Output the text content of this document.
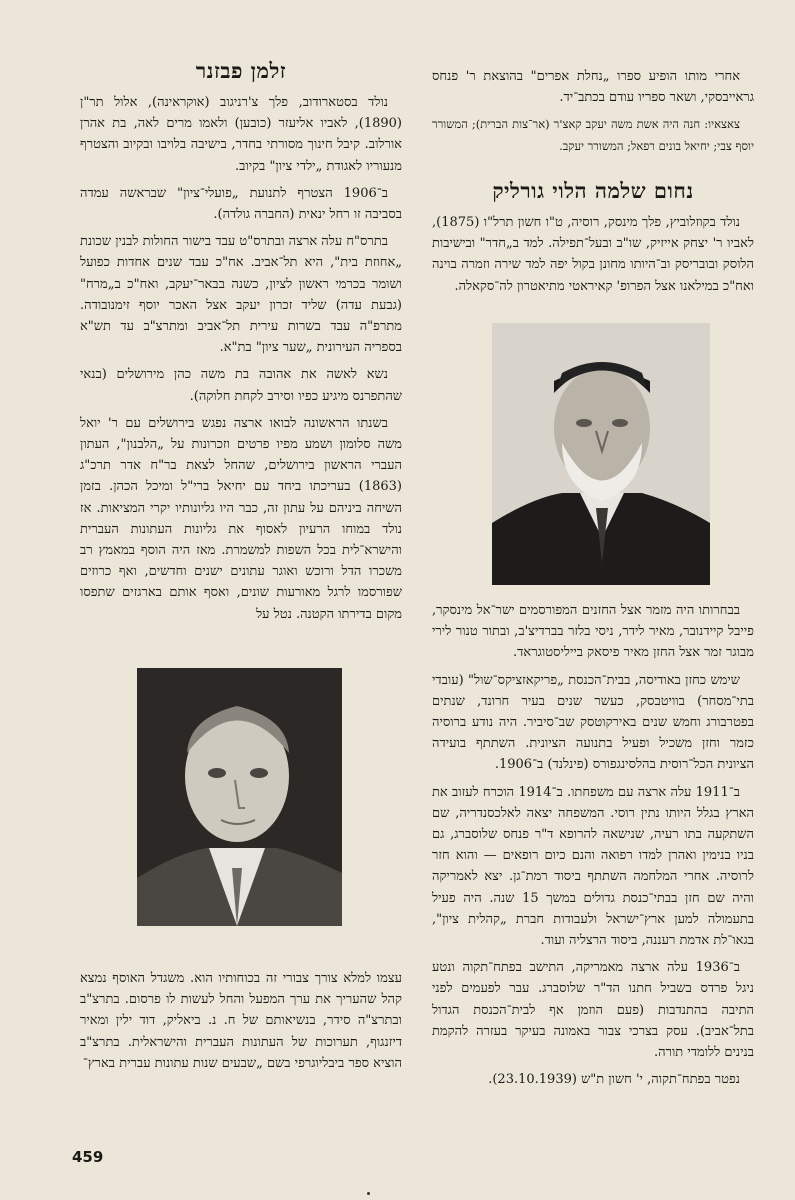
אחרי מותו הופיע ספרו „נחלת אפרים" בהוצאת ר' פנחס גראייבסקי, ושאר ספריו עודם בכתב־יד.

צאצאיו: חנה היה אשת משה יעקב קאצ'ר (אר־צות הברית); המשורר יוסף צבי; יחיאל בונים רפאל; המשורר יעקב.

נחום שלמה הלוי גורליק

נולד בקוזלוביץ, פלך מינסק, רוסיה, ט"ו חשון תרל"ו (1875), לאביו ר' יצחק אייזיק, שו"ב ובעל־תפילה. למד ב„חדר" ובישיבות הלוסק ובובריסק וב־היותו מחונן בקול יפה למד שירה וזמרה בוינה ואח"כ במילאנו אצל הפרופ' קאיראטי מתיאטרון לה־סקאלה.

בבחרותו היה מזמר אצל החזנים המפורסמים ישר־אל מינסקר, פייבל קיידנובר, מאיר לידר, ניסי בלזר בברדיצ'ב, ובתור טנור לירי מבוגר זמר אצל החזן מאיר פיסאק בייליסטוגראד.

שימש כחזן באודיסה, בבית־הכנסת „פריקאזציקס־שול" (עובדי בתי־מסחר) בוויטבסק, כעשר שנים בעיר חרונד, שנתים בפטרבורג וחמש שנים באירקוטסק שב־סיביר. היה נודע ברוסיה כזמר וחזן משכיל ופעיל בתנועה הציונית. השתתף בועידה הציונית הכל־רוסית בהלסינגפורס (פינלנד) ב־1906.

ב־1911 עלה ארצה עם משפחתו. ב־1914 הוכרח לעזוב את הארץ בגלל היותו נתין רוסי. המשפחה יצאה לאלכסנדריה, שם השתקעה בתו רעיה, שנישאה להרופא ד"ר פנחס שלוסברג, גם בניו בנימין ואהרן למדו רפואה והנם כיום רופאים — והוא חזר לרוסיה. אחרי המלחמה השתתף ביסוד רמת־גן. יצא לאמריקה והיה שם חזן בבתי־כנסת גדולים במשך 15 שנה. היה פעיל בתעמולה למען ארץ־ישראל ולעבודות חברת „קהלית ציון", בגאו־לת אדמת רעננה, ביסוד הרצליה ועוד.

ב־1936 עלה ארצה מאמריקה, התישב בפתח־תקוה ונטע ניגל פרדס בשביל חתנו הד"ר שלוסברג. עבר לפעמים לפני התיבה בהתנדבות (פעם הוזמן אף לבית־הכנסת הגדול בתל־אביב). עסק בצרכי צבור באמונה בעיקר בעזרה להקמת בנינים ללומדי תורה.

נפטר בפתח־תקוה, י' חשון ת"ש (23.10.1939).

זלמן פבזנר

נולד בסטארודוב, פלך צ'רניגוב (אוקראינה), אלול תר"ן (1890), לאביו אליעזר (כובען) ולאמו מרים לאה, בת אהרן אורלוב. קיבל חינוך מסורתי בחדר, בישיבה בלויבו ובקיוב והצטרף מנעוריו לאגודת „ילדי ציון" בקיוב.

ב־1906 הצטרף לתנועת „פועלי־ציון" שבראשה עמדה בסביבה זו רחל ינאית (החברה גולדה).

בתרס"ח עלה ארצה ובתרס"ט עבד בישור החולות לבנין שכונת „אחוזת בית", היא תל־אביב. אח"כ עבד שנים אחדות כפועל ושומר בכרמי ראשון לציון, כשנה בבאר־יעקב, ואח"כ ב„מרח" (גבעת עדה) שליד זכרון יעקב אצל האכר יוסף זימנובודה. מתרפ"ה עבד בשרות עירית תל־אביב ומתרצ"ב עד תש"א בספריה העירונית „שער ציון" בת"א.

נשא לאשה את אהובה בת משה כהן מירושלים (בנאי שהתפרנס מיגיע כפיו וסירב לקחת חלוקה).

בשנתו הראשונה לבואו ארצה נפגש בירושלים עם ר' יואל משה סלומון ושמע מפיו פרטים וזכרונות על „הלבנון", העתון העברי הראשון בירושלים, שהחל לצאת בר"ח אדר תרכ"ג (1863) בעריכתו ביחד עם יחיאל ברי"ל ומיכל הכהן. בזמן השיחה ביניהם על עתון זה, כבר היו גליונותיו יקרי המציאות. אז נולד במוחו הרעיון לאסוף את גליונות העתונות העברית והישרא־לית בכל השפות למשמרת. מאז היה הוסף במאמץ רב משכרו הדל ורוכש ואוגר עתונים ישנים וחדשים, ואף כרוזים שפורסמו לרגל מאורעות שונים, ואסף אותם בארגזים שתפסו מקום בדירתו הקטנה. נטל על

עצמו למלא צורך צבורי זה בכוחותיו הוא. משגדל האוסף נמצא קהל שהעריך את ערך המפעל והחל לעשות לו פרסום. בתרצ"ב ובתרצ"ה סידר, בנשיאותם של ח. נ. ביאליק, דוד ילין ומאיר דיזנגוף, תערוכות של העתונות העברית והישראלית. בתרצ"ב הוציא ספר ביבליוגרפי בשם „שבעים שנות עתונות עברית בארץ־

459
